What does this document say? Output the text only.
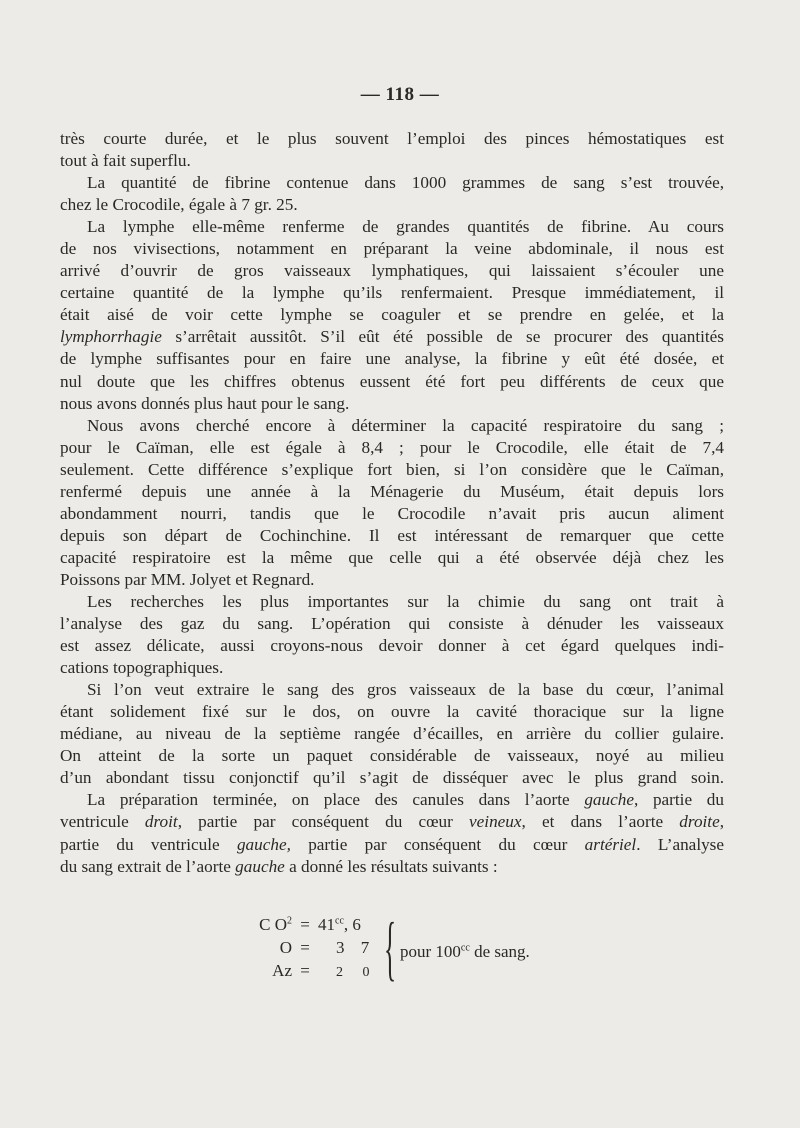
— 118 —
très courte durée, et le plus souvent l’emploi des pinces hémostatiques est
tout à fait superflu.
La quantité de fibrine contenue dans 1000 grammes de sang s’est trouvée,
chez le Crocodile, égale à 7 gr. 25.
La lymphe elle-même renferme de grandes quantités de fibrine. Au cours
de nos vivisections, notamment en préparant la veine abdominale, il nous est
arrivé d’ouvrir de gros vaisseaux lymphatiques, qui laissaient s’écouler une
certaine quantité de la lymphe qu’ils renfermaient. Presque immédiatement, il
était aisé de voir cette lymphe se coaguler et se prendre en gelée, et la
lymphorrhagie s’arrêtait aussitôt. S’il eût été possible de se procurer des quantités
de lymphe suffisantes pour en faire une analyse, la fibrine y eût été dosée, et
nul doute que les chiffres obtenus eussent été fort peu différents de ceux que
nous avons donnés plus haut pour le sang.
Nous avons cherché encore à déterminer la capacité respiratoire du sang ;
pour le Caïman, elle est égale à 8,4 ; pour le Crocodile, elle était de 7,4
seulement. Cette différence s’explique fort bien, si l’on considère que le Caïman,
renfermé depuis une année à la Ménagerie du Muséum, était depuis lors
abondamment nourri, tandis que le Crocodile n’avait pris aucun aliment
depuis son départ de Cochinchine. Il est intéressant de remarquer que cette
capacité respiratoire est la même que celle qui a été observée déjà chez les
Poissons par MM. Jolyet et Regnard.
Les recherches les plus importantes sur la chimie du sang ont trait à
l’analyse des gaz du sang. L’opération qui consiste à dénuder les vaisseaux
est assez délicate, aussi croyons-nous devoir donner à cet égard quelques indi-
cations topographiques.
Si l’on veut extraire le sang des gros vaisseaux de la base du cœur, l’animal
étant solidement fixé sur le dos, on ouvre la cavité thoracique sur la ligne
médiane, au niveau de la septième rangée d’écailles, en arrière du collier gulaire.
On atteint de la sorte un paquet considérable de vaisseaux, noyé au milieu
d’un abondant tissu conjonctif qu’il s’agit de disséquer avec le plus grand soin.
La préparation terminée, on place des canules dans l’aorte gauche, partie du
ventricule droit, partie par conséquent du cœur veineux, et dans l’aorte droite,
partie du ventricule gauche, partie par conséquent du cœur artériel. L’analyse
du sang extrait de l’aorte gauche a donné les résultats suivants :
C $O^2 = 41^{cc}$, 6
O =	3 7
Az =	2 0 { pour $100^{cc}$ de sang.
